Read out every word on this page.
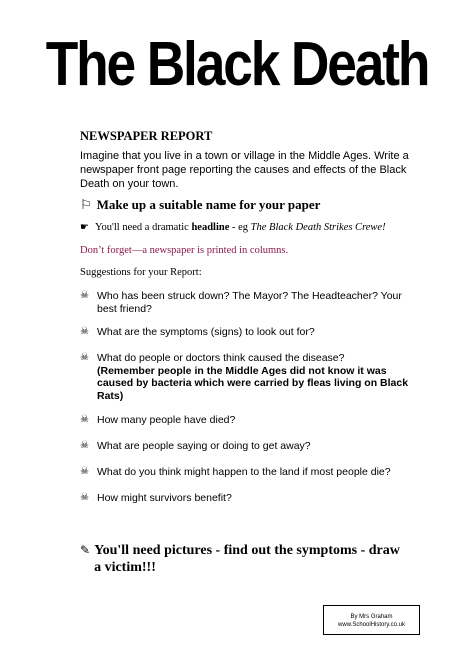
The Black Death
NEWSPAPER REPORT
Imagine that you live in a town or village in the Middle Ages. Write a newspaper front page reporting the causes and effects of the Black Death on your town.
⚐ Make up a suitable name for your paper
☛ You'll need a dramatic headline - eg The Black Death Strikes Crewe!
Don’t forget—a newspaper is printed in columns.
Suggestions for your Report:
☠ Who has been struck down? The Mayor? The Headteacher? Your best friend?
☠ What are the symptoms (signs) to look out for?
☠ What do people or doctors think caused the disease?
(Remember people in the Middle Ages did not know it was caused by bacteria which were carried by fleas living on Black Rats)
☠ How many people have died?
☠ What are people saying or doing to get away?
☠ What do you think might happen to the land if most people die?
☠ How might survivors benefit?
✎ You'll need pictures - find out the symptoms - draw a victim!!!
By Mrs Graham
www.SchoolHistory.co.uk
